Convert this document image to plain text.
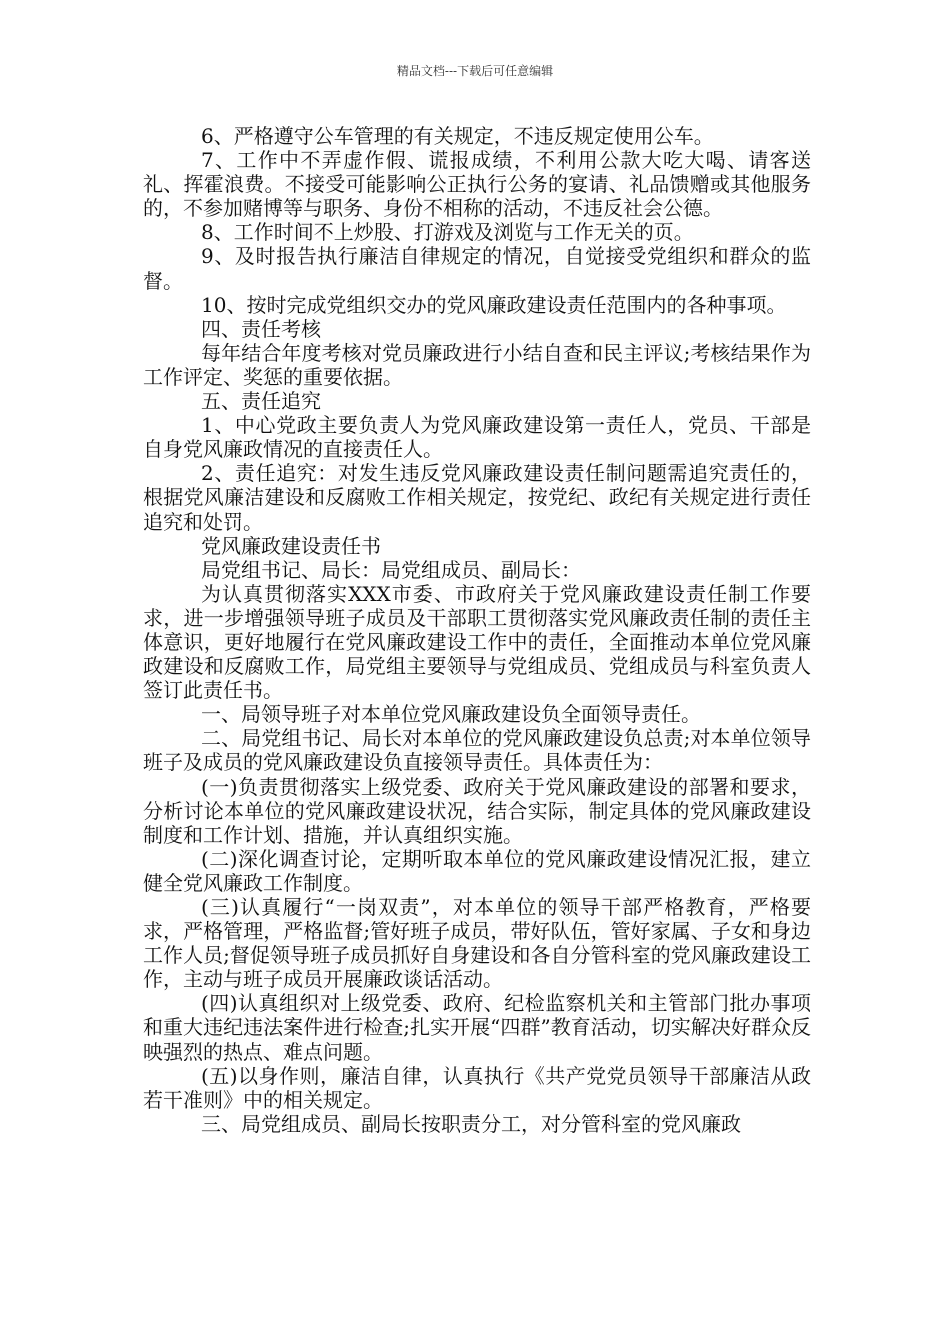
精品文档---下载后可任意编辑

6、严格遵守公车管理的有关规定，不违反规定使用公车。

7、工作中不弄虚作假、谎报成绩，不利用公款大吃大喝、请客送礼、挥霍浪费。不接受可能影响公正执行公务的宴请、礼品馈赠或其他服务的，不参加赌博等与职务、身份不相称的活动，不违反社会公德。

8、工作时间不上炒股、打游戏及浏览与工作无关的页。

9、及时报告执行廉洁自律规定的情况，自觉接受党组织和群众的监督。

10、按时完成党组织交办的党风廉政建设责任范围内的各种事项。

四、责任考核

每年结合年度考核对党员廉政进行小结自查和民主评议;考核结果作为工作评定、奖惩的重要依据。

五、责任追究

1、中心党政主要负责人为党风廉政建设第一责任人，党员、干部是自身党风廉政情况的直接责任人。

2、责任追究：对发生违反党风廉政建设责任制问题需追究责任的，根据党风廉洁建设和反腐败工作相关规定，按党纪、政纪有关规定进行责任追究和处罚。

党风廉政建设责任书

局党组书记、局长：局党组成员、副局长：

为认真贯彻落实XXX市委、市政府关于党风廉政建设责任制工作要求，进一步增强领导班子成员及干部职工贯彻落实党风廉政责任制的责任主体意识，更好地履行在党风廉政建设工作中的责任，全面推动本单位党风廉政建设和反腐败工作，局党组主要领导与党组成员、党组成员与科室负责人签订此责任书。

一、局领导班子对本单位党风廉政建设负全面领导责任。

二、局党组书记、局长对本单位的党风廉政建设负总责;对本单位领导班子及成员的党风廉政建设负直接领导责任。具体责任为：

(一)负责贯彻落实上级党委、政府关于党风廉政建设的部署和要求，分析讨论本单位的党风廉政建设状况，结合实际，制定具体的党风廉政建设制度和工作计划、措施，并认真组织实施。

(二)深化调查讨论，定期听取本单位的党风廉政建设情况汇报，建立健全党风廉政工作制度。

(三)认真履行“一岗双责”，对本单位的领导干部严格教育，严格要求，严格管理，严格监督;管好班子成员，带好队伍，管好家属、子女和身边工作人员;督促领导班子成员抓好自身建设和各自分管科室的党风廉政建设工作，主动与班子成员开展廉政谈话活动。

(四)认真组织对上级党委、政府、纪检监察机关和主管部门批办事项和重大违纪违法案件进行检查;扎实开展“四群”教育活动，切实解决好群众反映强烈的热点、难点问题。

(五)以身作则，廉洁自律，认真执行《共产党党员领导干部廉洁从政若干准则》中的相关规定。

三、局党组成员、副局长按职责分工，对分管科室的党风廉政
